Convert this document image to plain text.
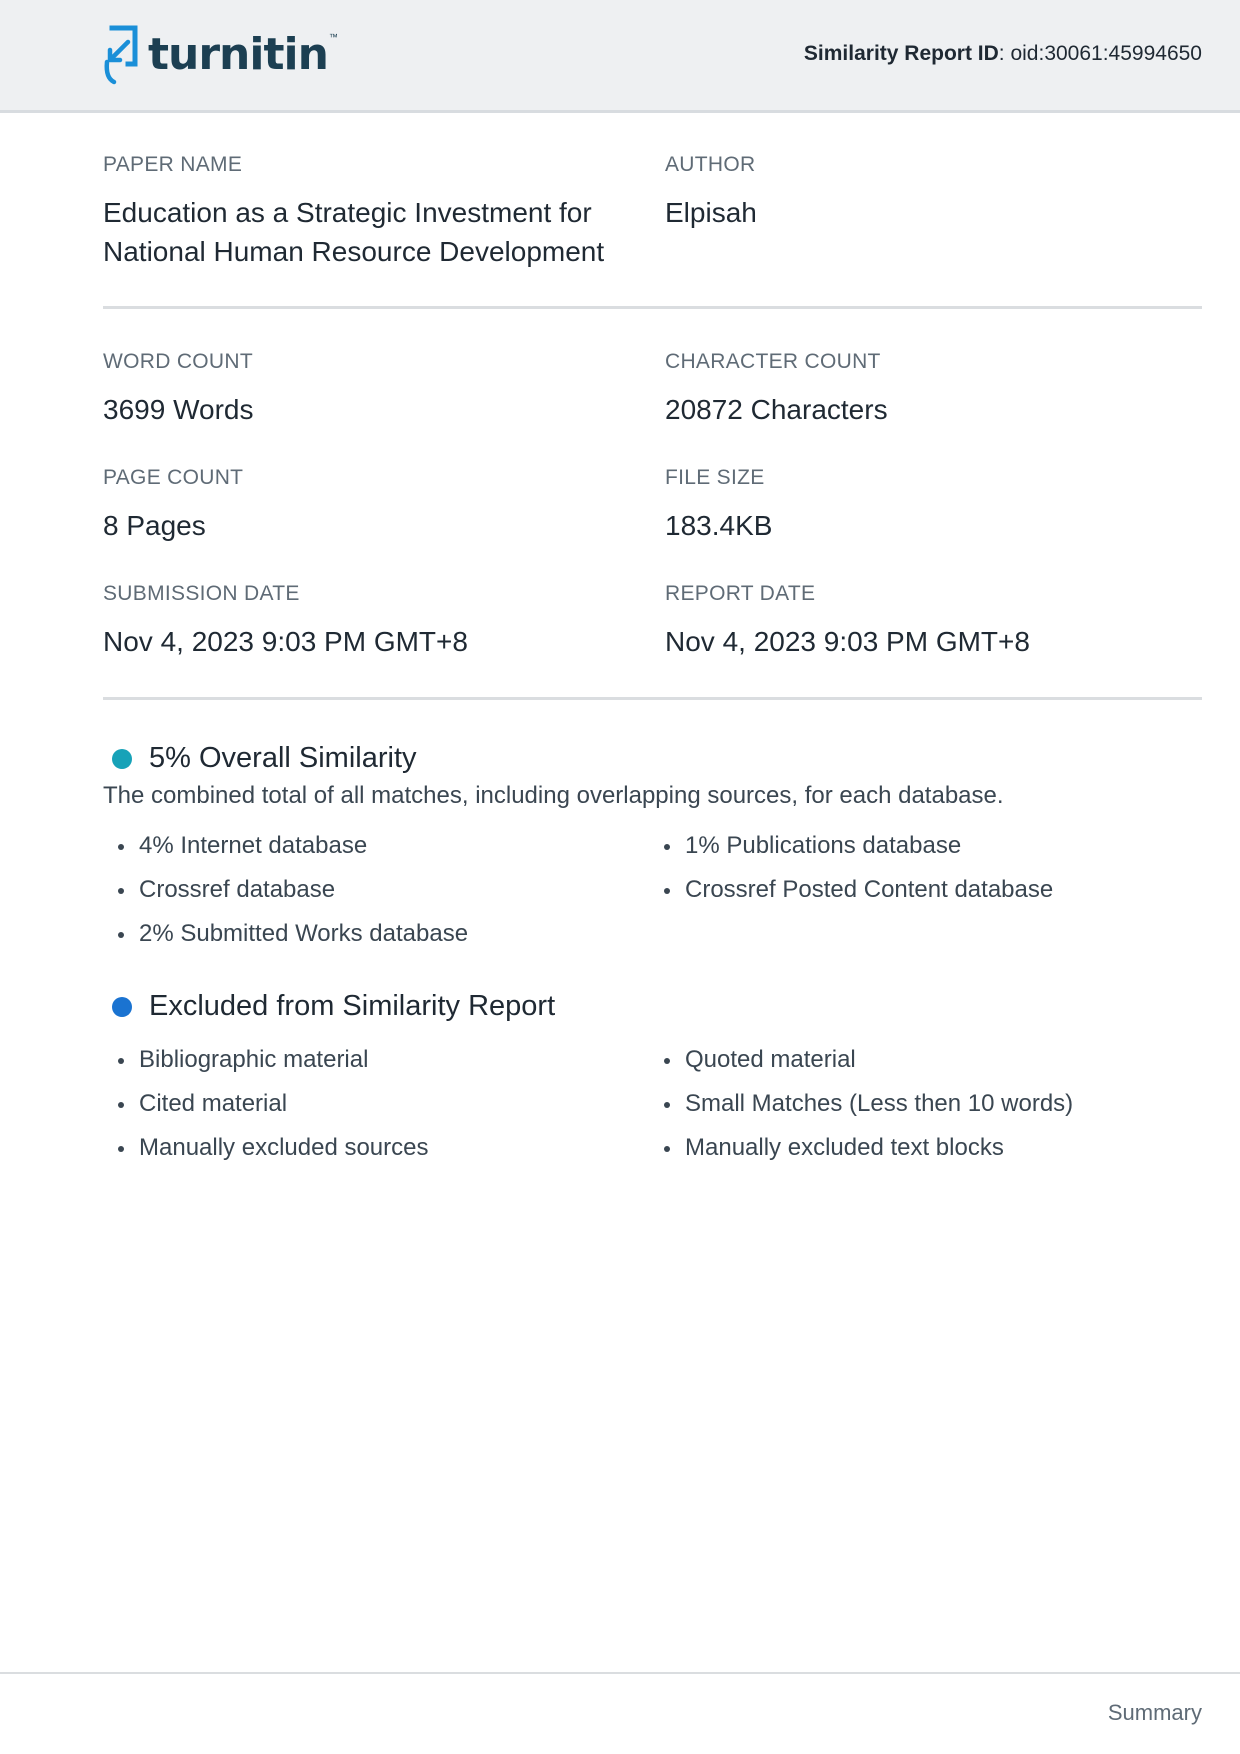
turnitin ™
Similarity Report ID: oid:30061:45994650
PAPER NAME
Education as a Strategic Investment for
National Human Resource Development
AUTHOR
Elpisah
WORD COUNT
3699 Words
CHARACTER COUNT
20872 Characters
PAGE COUNT
8 Pages
FILE SIZE
183.4KB
SUBMISSION DATE
Nov 4, 2023 9:03 PM GMT+8
REPORT DATE
Nov 4, 2023 9:03 PM GMT+8
5% Overall Similarity
The combined total of all matches, including overlapping sources, for each database.
4% Internet database
Crossref database
2% Submitted Works database
1% Publications database
Crossref Posted Content database
Excluded from Similarity Report
Bibliographic material
Cited material
Manually excluded sources
Quoted material
Small Matches (Less then 10 words)
Manually excluded text blocks
Summary
